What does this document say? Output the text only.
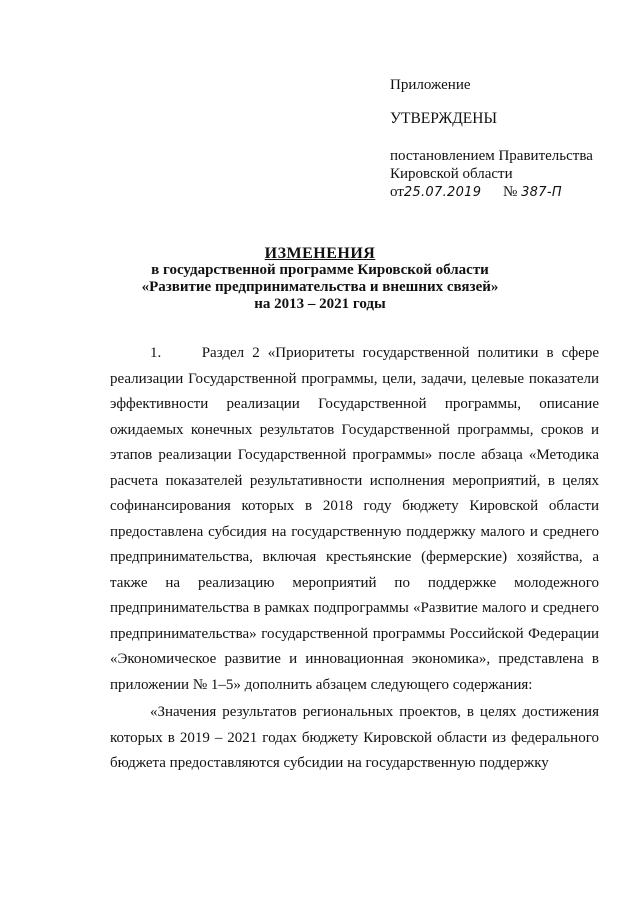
Приложение
УТВЕРЖДЕНЫ
постановлением Правительства
Кировской области
от25.07.2019 № 387-П
ИЗМЕНЕНИЯ
в государственной программе Кировской области
«Развитие предпринимательства и внешних связей»
на 2013 – 2021 годы

1.     Раздел 2 «Приоритеты государственной политики в сфере реализации Государственной программы, цели, задачи, целевые показатели эффективности реализации Государственной программы, описание ожидаемых конечных результатов Государственной программы, сроков и этапов реализации Государственной программы» после абзаца «Методика расчета показателей результативности исполнения мероприятий, в целях софинансирования которых в 2018 году бюджету Кировской области предоставлена субсидия на государственную поддержку малого и среднего предпринимательства, включая крестьянские (фермерские) хозяйства, а также на реализацию мероприятий по поддержке молодежного предпринимательства в рамках подпрограммы «Развитие малого и среднего предпринимательства» государственной программы Российской Федерации «Экономическое развитие и инновационная экономика», представлена в приложении № 1–5» дополнить абзацем следующего содержания:

«Значения результатов региональных проектов, в целях достижения которых в 2019 – 2021 годах бюджету Кировской области из федерального бюджета предоставляются субсидии на государственную поддержку
